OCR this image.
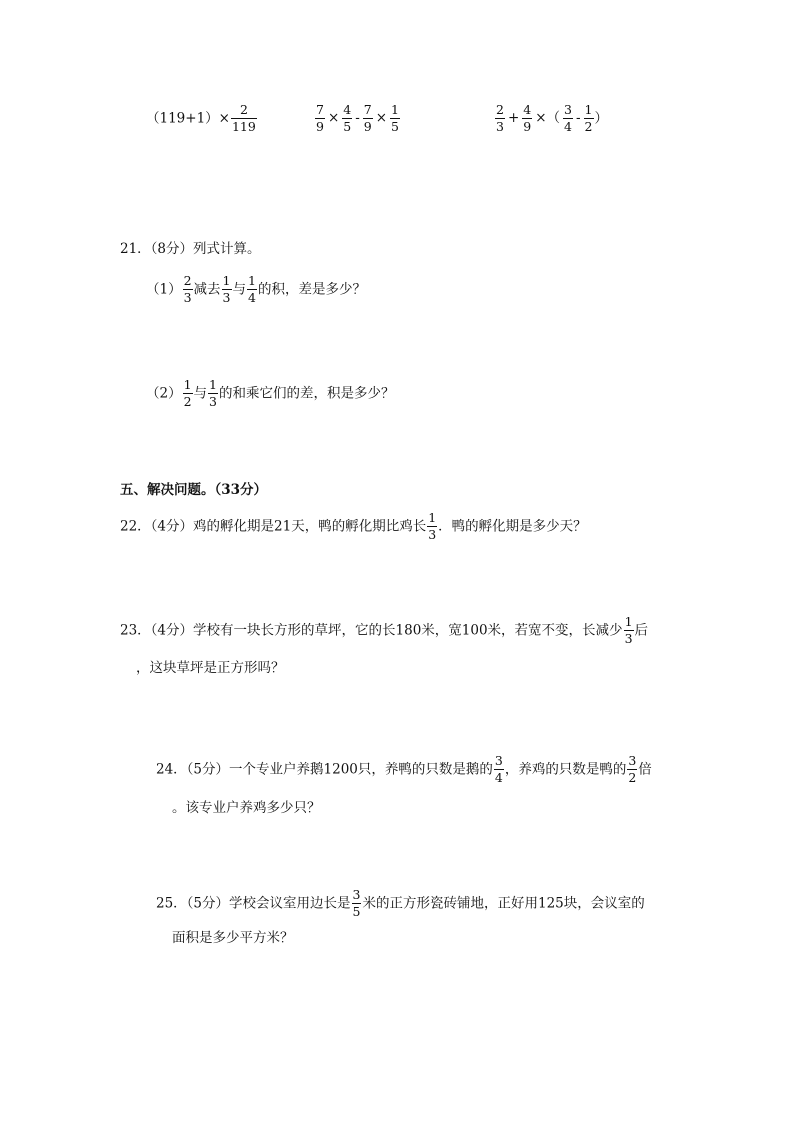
$(119+1)\times \frac{2}{119}$	$\frac{7}{9} \times \frac{4}{5} - \frac{7}{9} \times \frac{1}{5}$	$\frac{2}{3} + \frac{4}{9}$ ×（ $\frac{3}{4} - \frac{1}{2}$ ）
21．（8分）列式计算。
$(1) \frac{2}{3}$ 减去 $\frac{1}{3}$ 与 $\frac{1}{4}$ 的积，差是多少？
$(2) \frac{1}{2}$ 与 $\frac{1}{3}$ 的和乘它们的差，积是多少？
五、解决问题。（33分）
22．（4分）鸡的孵化期是21天，鸭的孵化期比鸡长 $\frac{1}{3}$ ．鸭的孵化期是多少天？
23．（4分）学校有一块长方形的草坪，它的长180米，宽100米，若宽不变，长减少 $\frac{1}{3}$ 后
，这块草坪是正方形吗？
24．（5分）一个专业户养鹅1200只，养鸭的只数是鹅的 $\frac{3}{4}$ ，养鸡的只数是鸭的 $\frac{3}{2}$ 倍
。该专业户养鸡多少只？
25．（5分）学校会议室用边长是 $\frac{3}{5}$ 米的正方形瓷砖铺地，正好用125块，会议室的
面积是多少平方米？
